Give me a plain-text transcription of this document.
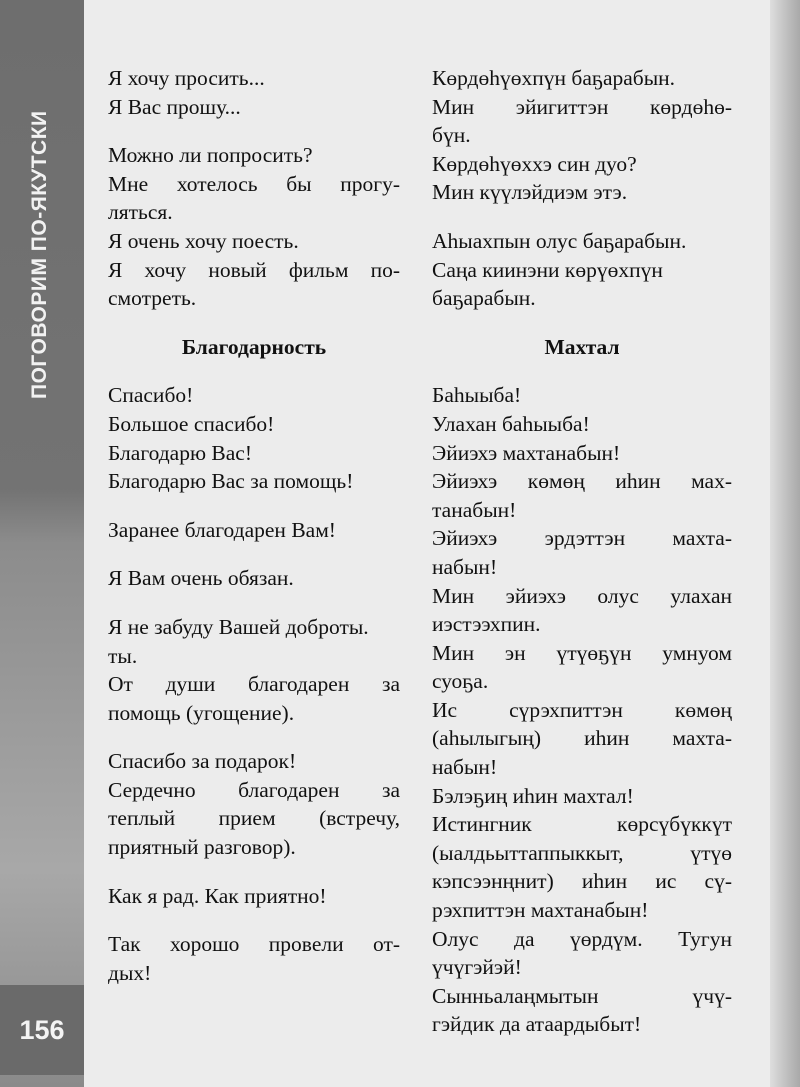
ПОГОВОРИМ ПО-ЯКУТСКИ
156
Я хочу просить...
Я Вас прошу...
Можно ли попросить?
Мне хотелось бы прогу-
ляться.
Я очень хочу поесть.
Я хочу новый фильм по-
смотреть.
Благодарность
Спасибо!
Большое спасибо!
Благодарю Вас!
Благодарю Вас за помощь!
Заранее благодарен Вам!
Я Вам очень обязан.
Я не забуду Вашей доброты.
ты.
От души благодарен за
помощь (угощение).
Спасибо за подарок!
Сердечно благодарен за
теплый прием (встречу,
приятный разговор).
Как я рад. Как приятно!
Так хорошо провели от-
дых!
Көрдөһүөхпүн баҕарабын.
Мин эйигиттэн көрдөһө-
бүн.
Көрдөһүөххэ син дуо?
Мин күүлэйдиэм этэ.
Аһыахпын олус баҕарабын.
Саңа киинэни көрүөхпүн
баҕарабын.
Махтал
Баһыыба!
Улахан баһыыба!
Эйиэхэ махтанабын!
Эйиэхэ көмөң иһин мах-
танабын!
Эйиэхэ эрдэттэн махта-
набын!
Мин эйиэхэ олус улахан
иэстээхпин.
Мин эн үтүөҕүн умнуом
суоҕа.
Ис сүрэхпиттэн көмөң
(аһылыгың) иһин махта-
набын!
Бэлэҕиң иһин махтал!
Истингник көрсүбүккүт
(ыалдьыттаппыккыт, үтүө
кэпсээнңнит) иһин ис сү-
рэхпиттэн махтанабын!
Олус да үөрдүм. Тугун
үчүгэйэй!
Сынньалаңмытын үчү-
гэйдик да атаардыбыт!
